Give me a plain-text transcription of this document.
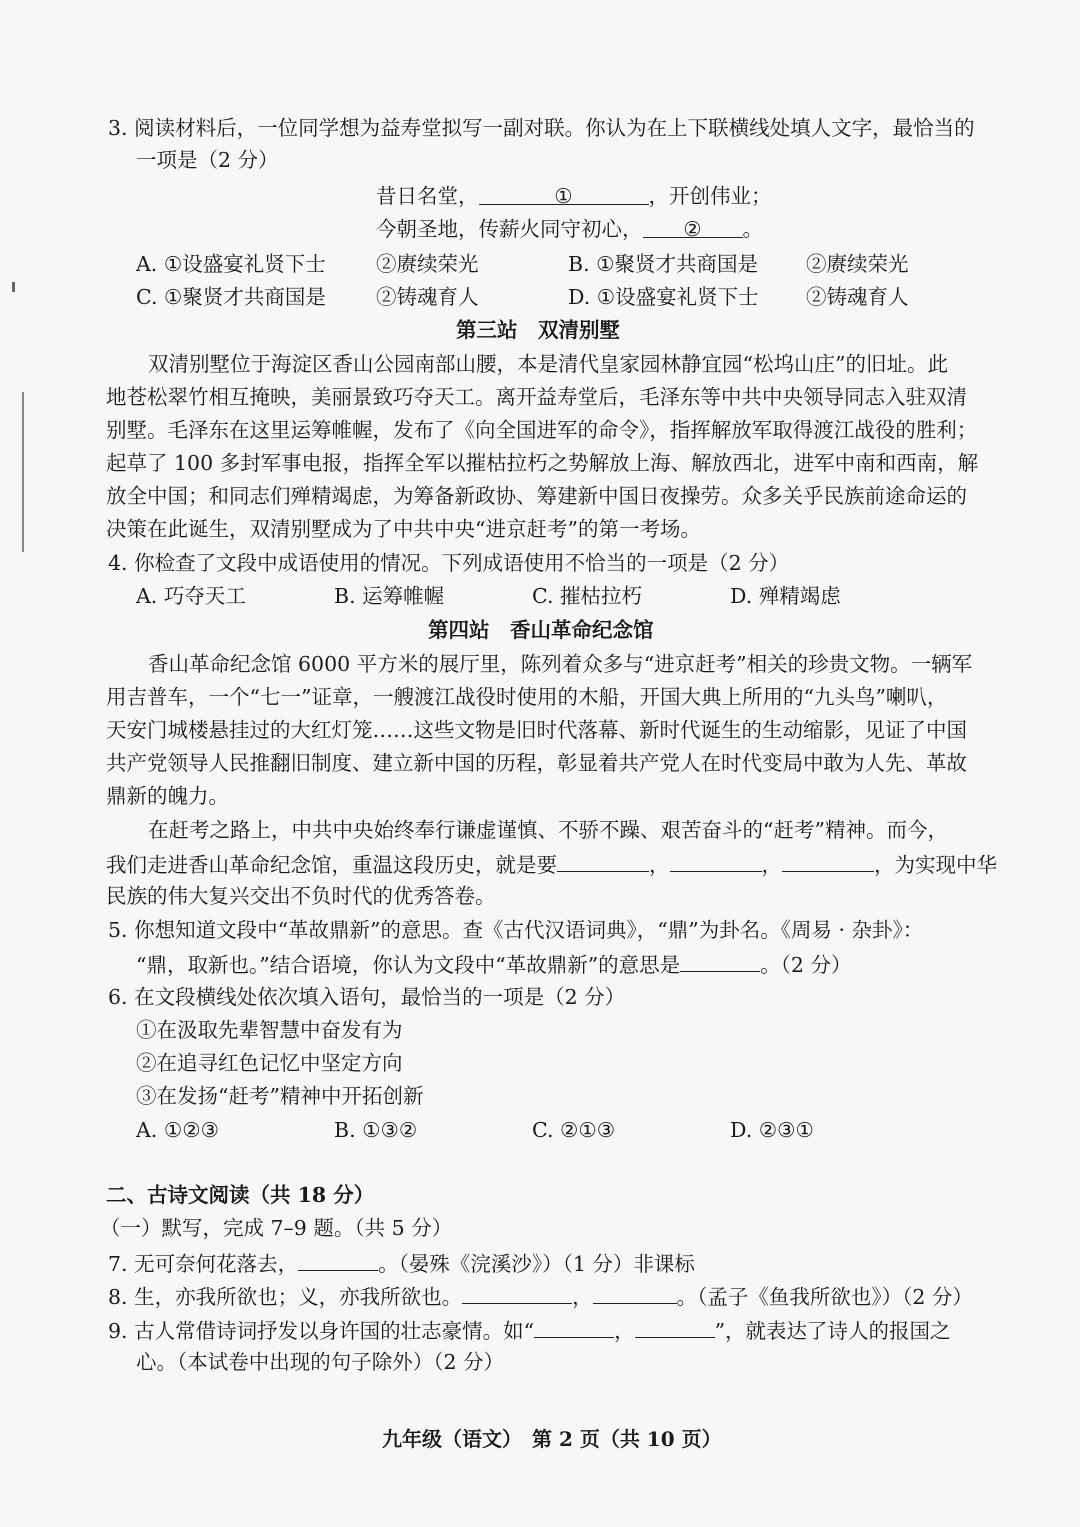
3. 阅读材料后，一位同学想为益寿堂拟写一副对联。你认为在上下联横线处填人文字，最恰当的
一项是（2 分）
昔日名堂，	①	，开创伟业；
今朝圣地，传薪火同守初心， ② 。
A. ①设盛宴礼贤下士 ②赓续荣光	B. ①聚贤才共商国是 ②赓续荣光
C. ①聚贤才共商国是 ②铸魂育人	D. ①设盛宴礼贤下士 ②铸魂育人
第三站　双清别墅
双清别墅位于海淀区香山公园南部山腰，本是清代皇家园林静宜园“松坞山庄”的旧址。此
地苍松翠竹相互掩映，美丽景致巧夺天工。离开益寿堂后，毛泽东等中共中央领导同志入驻双清
别墅。毛泽东在这里运筹帷幄，发布了《向全国进军的命令》，指挥解放军取得渡江战役的胜利；
起草了 100 多封军事电报，指挥全军以摧枯拉朽之势解放上海、解放西北，进军中南和西南，解
放全中国；和同志们殚精竭虑，为筹备新政协、筹建新中国日夜操劳。众多关乎民族前途命运的
决策在此诞生，双清别墅成为了中共中央“进京赶考”的第一考场。
4. 你检查了文段中成语使用的情况。下列成语使用不恰当的一项是（2 分）
A. 巧夺天工	B. 运筹帷幄	C. 摧枯拉朽	D. 殚精竭虑
第四站　香山革命纪念馆
香山革命纪念馆 6000 平方米的展厅里，陈列着众多与“进京赶考”相关的珍贵文物。一辆军
用吉普车，一个“七一”证章，一艘渡江战役时使用的木船，开国大典上所用的“九头鸟”喇叭，
天安门城楼悬挂过的大红灯笼……这些文物是旧时代落幕、新时代诞生的生动缩影，见证了中国
共产党领导人民推翻旧制度、建立新中国的历程，彰显着共产党人在时代变局中敢为人先、革故
鼎新的魄力。
在赶考之路上，中共中央始终奉行谦虚谨慎、不骄不躁、艰苦奋斗的“赶考”精神。而今，
我们走进香山革命纪念馆，重温这段历史，就是要	，	，	，为实现中华
民族的伟大复兴交出不负时代的优秀答卷。
5. 你想知道文段中“革故鼎新”的意思。查《古代汉语词典》，“鼎”为卦名。《周易 · 杂卦》：
“鼎，取新也。”结合语境，你认为文段中“革故鼎新”的意思是	。（2 分）
6. 在文段横线处依次填入语句，最恰当的一项是（2 分）
①在汲取先辈智慧中奋发有为
②在追寻红色记忆中坚定方向
③在发扬“赶考”精神中开拓创新
A. ①②③	B. ①③②	C. ②①③	D. ②③①
二、古诗文阅读（共 18 分）
（一）默写，完成 7–9 题。（共 5 分）
7. 无可奈何花落去，	。（晏殊《浣溪沙》）（1 分）非课标
8. 生，亦我所欲也；义，亦我所欲也。	，	。（孟子《鱼我所欲也》）（2 分）
9. 古人常借诗词抒发以身许国的壮志豪情。如“	，	”，就表达了诗人的报国之
心。（本试卷中出现的句子除外）（2 分）
九年级（语文）　第 2 页（共 10 页）
